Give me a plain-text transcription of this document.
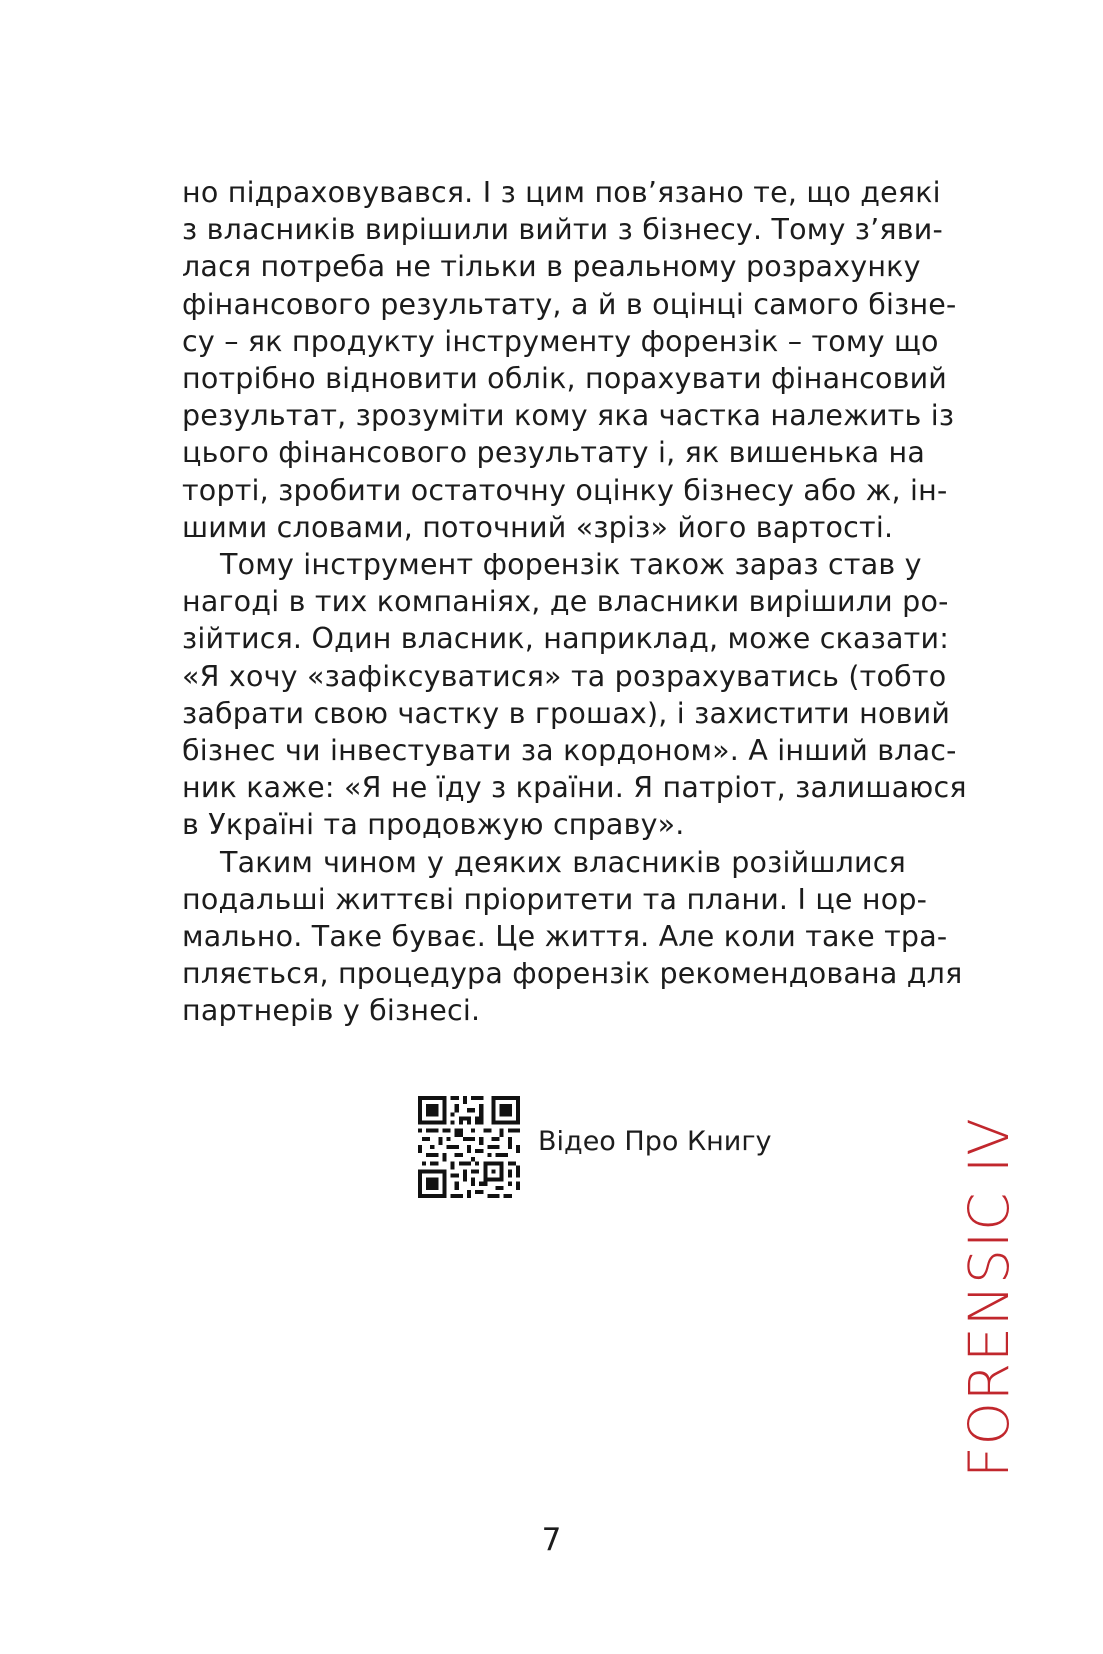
но підраховувався. І з цим пов’язано те, що деякі
з власників вирішили вийти з бізнесу. Тому з’яви-
лася потреба не тільки в реальному розрахунку
фінансового результату, а й в оцінці самого бізне-
су – як продукту інструменту форензік – тому що
потрібно відновити облік, порахувати фінансовий
результат, зрозуміти кому яка частка належить із
цього фінансового результату і, як вишенька на
торті, зробити остаточну оцінку бізнесу або ж, ін-
шими словами, поточний «зріз» його вартості.
Тому інструмент форензік також зараз став у
нагоді в тих компаніях, де власники вирішили ро-
зійтися. Один власник, наприклад, може сказати:
«Я хочу «зафіксуватися» та розрахуватись (тобто
забрати свою частку в грошах), і захистити новий
бізнес чи інвестувати за кордоном». А інший влас-
ник каже: «Я не їду з країни. Я патріот, залишаюся
в Україні та продовжую справу».
Таким чином у деяких власників розійшлися
подальші життєві пріоритети та плани. І це нор-
мально. Таке буває. Це життя. Але коли таке тра-
пляється, процедура форензік рекомендована для
партнерів у бізнесі.
Відео Про Книгу	FORENSIC IV
7
